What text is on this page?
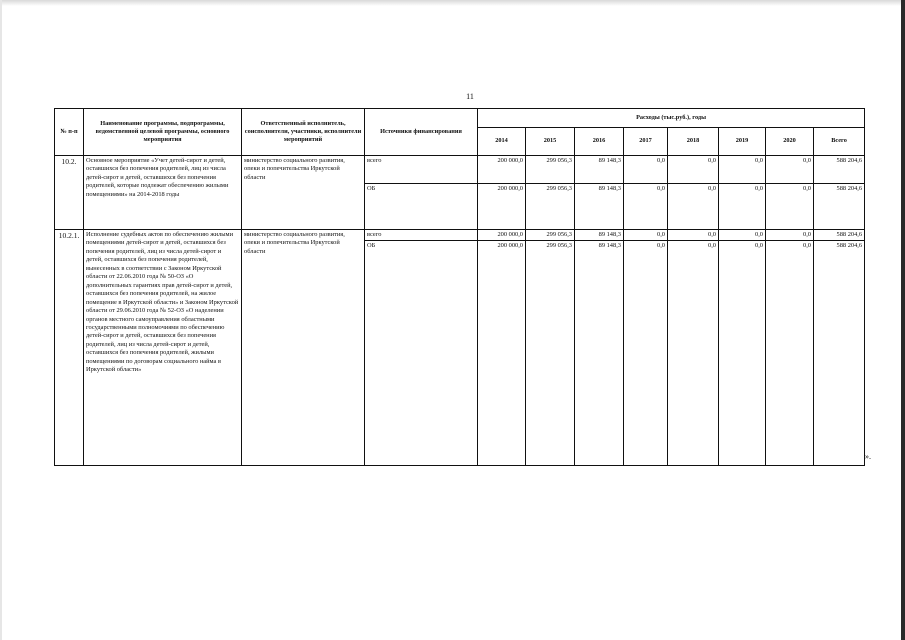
11
№ п-п	Наименование программы, подпрограммы, ведомственной целевой программы, основного мероприятия	Ответственный исполнитель, соисполнители, участники, исполнители мероприятий	Источники финансирования	Расходы (тыс.руб.), годы							
				2014	2015	2016	2017	2018	2019	2020	Всего
10.2.	Основное мероприятие «Учет детей-сирот и детей, оставшихся без попечения родителей, лиц из числа детей-сирот и детей, оставшихся без попечения родителей, которые подлежат обеспечению жилыми помещениями» на 2014-2018 годы	министерство социального развития, опеки и попечительства Иркутской области	всего	200 000,0	299 056,3	89 148,3	0,0	0,0	0,0	0,0	588 204,6
			ОБ	200 000,0	299 056,3	89 148,3	0,0	0,0	0,0	0,0	588 204,6
10.2.1.	Исполнение судебных актов по обеспечению жилыми помещениями детей-сирот и детей, оставшихся без попечения родителей, лиц из числа детей-сирот и детей, оставшихся без попечения родителей, вынесенных в соответствии с Законом Иркутской области от 22.06.2010 года № 50-ОЗ «О дополнительных гарантиях прав детей-сирот и детей, оставшихся без попечения родителей, на жилое помещение в Иркутской области» и Законом Иркутской области от 29.06.2010 года № 52-ОЗ «О наделении органов местного самоуправления областными государственными полномочиями по обеспечению детей-сирот и детей, оставшихся без попечения родителей, лиц из числа детей-сирот и детей, оставшихся без попечения родителей, жилыми помещениями по договорам социального найма в Иркутской области»	министерство социального развития, опеки и попечительства Иркутской области	всего	200 000,0	299 056,3	89 148,3	0,0	0,0	0,0	0,0	588 204,6
			ОБ	200 000,0	299 056,3	89 148,3	0,0	0,0	0,0	0,0	588 204,6
».
